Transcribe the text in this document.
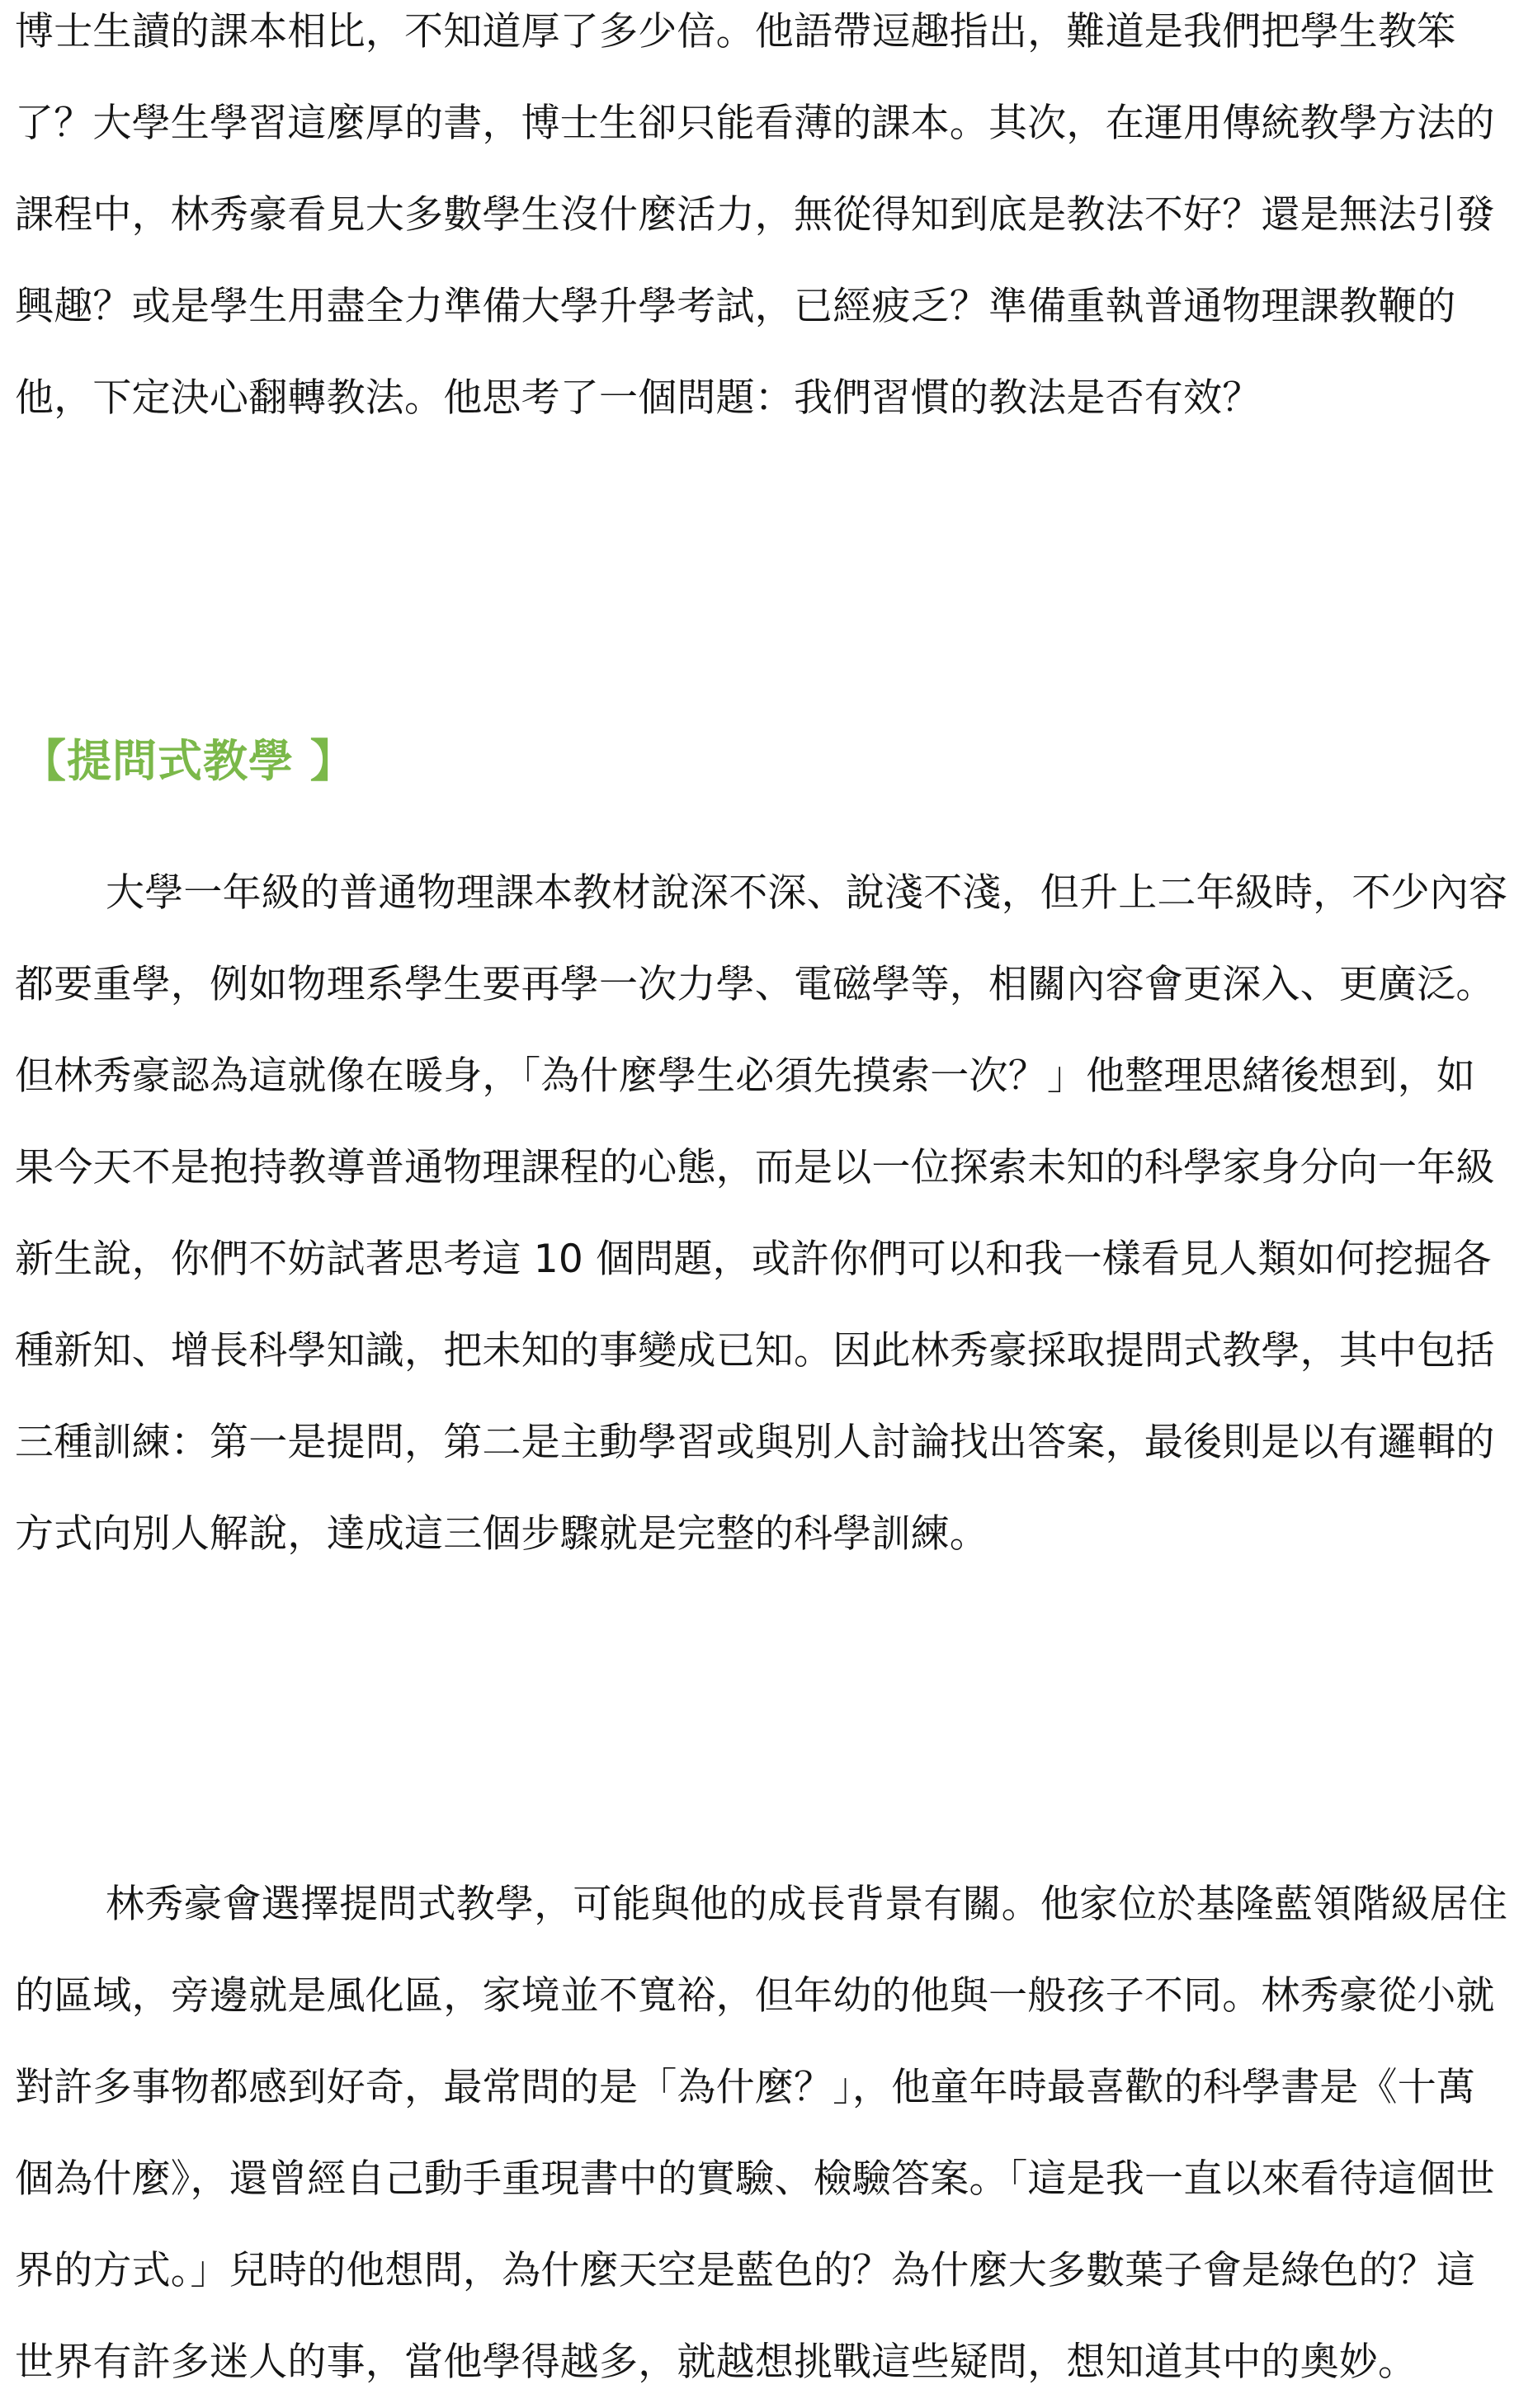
博士生讀的課本相比，不知道厚了多少倍。他語帶逗趣指出，難道是我們把學生教笨了？大學生學習這麼厚的書，博士生卻只能看薄的課本。其次，在運用傳統教學方法的課程中，林秀豪看見大多數學生沒什麼活力，無從得知到底是教法不好？還是無法引發興趣？或是學生用盡全力準備大學升學考試，已經疲乏？準備重執普通物理課教鞭的他，下定決心翻轉教法。他思考了一個問題：我們習慣的教法是否有效？

【提問式教學 】

大學一年級的普通物理課本教材說深不深、說淺不淺，但升上二年級時，不少內容都要重學，例如物理系學生要再學一次力學、電磁學等，相關內容會更深入、更廣泛。但林秀豪認為這就像在暖身，「為什麼學生必須先摸索一次？」他整理思緒後想到，如果今天不是抱持教導普通物理課程的心態，而是以一位探索未知的科學家身分向一年級新生說，你們不妨試著思考這 10 個問題，或許你們可以和我一樣看見人類如何挖掘各種新知、增長科學知識，把未知的事變成已知。因此林秀豪採取提問式教學，其中包括三種訓練：第一是提問，第二是主動學習或與別人討論找出答案，最後則是以有邏輯的方式向別人解說，達成這三個步驟就是完整的科學訓練。

林秀豪會選擇提問式教學，可能與他的成長背景有關。他家位於基隆藍領階級居住的區域，旁邊就是風化區，家境並不寬裕，但年幼的他與一般孩子不同。林秀豪從小就對許多事物都感到好奇，最常問的是「為什麼？」，他童年時最喜歡的科學書是《十萬個為什麼》，還曾經自己動手重現書中的實驗、檢驗答案。「這是我一直以來看待這個世界的方式。」兒時的他想問，為什麼天空是藍色的？為什麼大多數葉子會是綠色的？這世界有許多迷人的事，當他學得越多，就越想挑戰這些疑問，想知道其中的奧妙。
